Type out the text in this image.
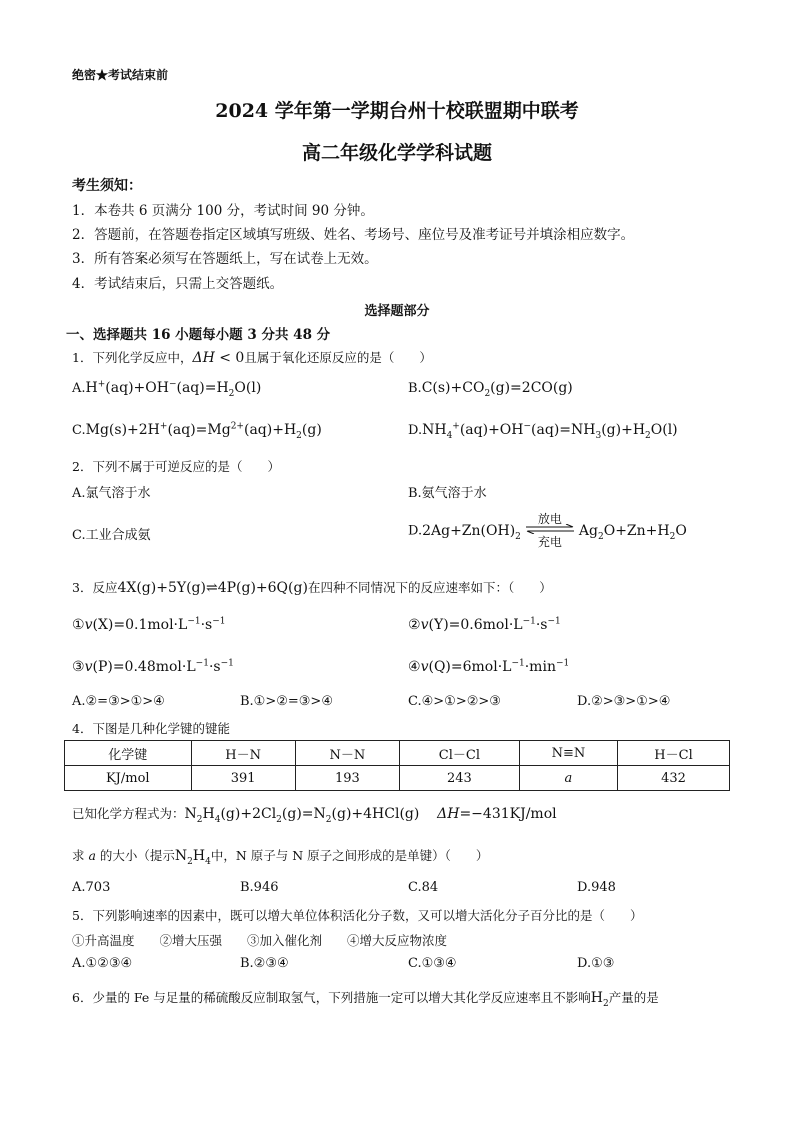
绝密★考试结束前
2024 学年第一学期台州十校联盟期中联考
高二年级化学学科试题
考生须知：
1．本卷共 6 页满分 100 分，考试时间 90 分钟。
2．答题前，在答题卷指定区域填写班级、姓名、考场号、座位号及准考证号并填涂相应数字。
3．所有答案必须写在答题纸上，写在试卷上无效。
4．考试结束后，只需上交答题纸。
选择题部分
一、选择题共 16 小题每小题 3 分共 48 分
1．下列化学反应中，ΔH < 0且属于氧化还原反应的是（　　）
$A.H^+(aq)+OH^-(aq)=H_2O(l)$	$B.C(s)+CO_2(g)=2CO(g)$
$C.Mg(s)+2H^+(aq)=Mg^{2+}(aq)+H_2(g)$	$D.NH_4^+(aq)+OH^-(aq)=NH_3(g)+H_2O(l)$
2．下列不属于可逆反应的是（　　）
A.氯气溶于水	B.氨气溶于水
C.工业合成氨	$D.2Ag+Zn(OH)_2$
放电
充电
$Ag_2O+Zn+H_2O$
3．反应4X(g)+5Y(g)⇌4P(g)+6Q(g)在四种不同情况下的反应速率如下：（　　）
$①v(X)=0.1mol\cdot L^{-1}\cdot s^{-1}$	$②v(Y)=0.6mol\cdot L^{-1}\cdot s^{-1}$
$③v(P)=0.48mol\cdot L^{-1}\cdot s^{-1}$	$④v(Q)=6mol\cdot L^{-1}\cdot\min^{-1}$
A.②=③>①>④	B.①>②=③>④	C.④>①>②>③	D.②>③>①>④
4．下图是几种化学键的键能
化学键	H－N	N－N	Cl－Cl	N≡N	H－Cl
KJ/mol	391	193	243	a	432
已知化学方程式为：$N_2H_4(g)+2Cl_2(g)=N_2(g)+4HCl(g)$    ΔH=−431KJ/mol
求 a 的大小（提示$N_2H_4$中，N 原子与 N 原子之间形成的是单键）（　　）
A.703	B.946	C.84	D.948
5．下列影响速率的因素中，既可以增大单位体积活化分子数，又可以增大活化分子百分比的是（　　）
①升高温度　　②增大压强　　③加入催化剂　　④增大反应物浓度
A.①②③④	B.②③④	C.①③④	D.①③
6．少量的 Fe 与足量的稀硫酸反应制取氢气，下列措施一定可以增大其化学反应速率且不影响$H_2$产量的是
